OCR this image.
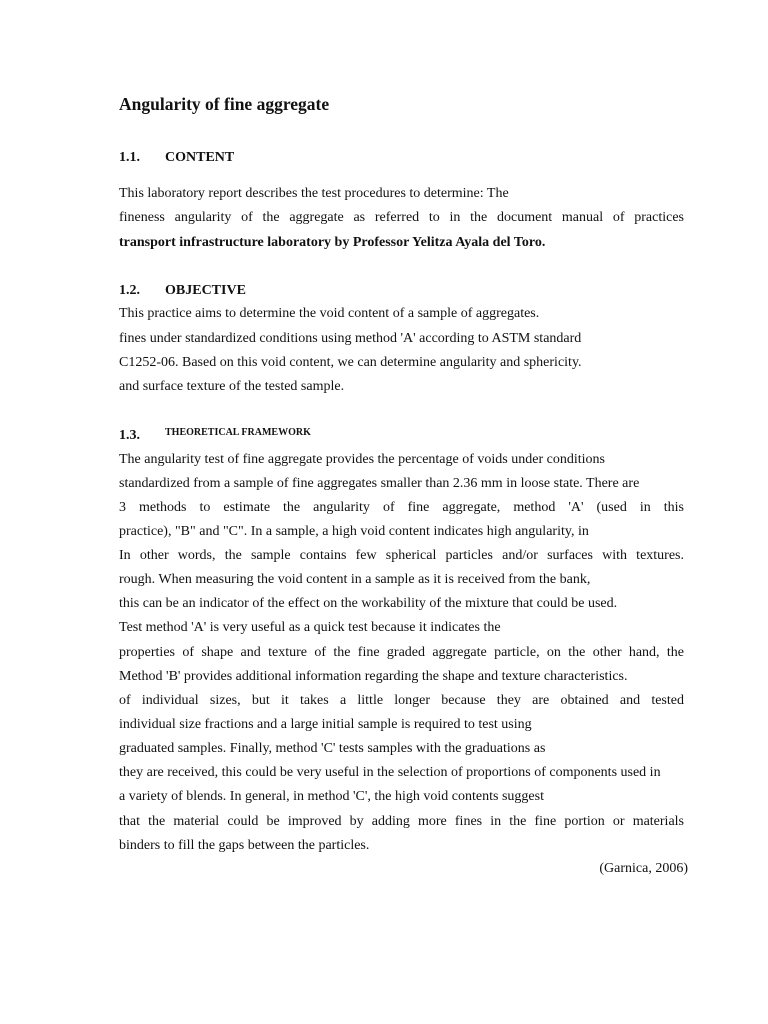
Angularity of fine aggregate
1.1. CONTENT
This laboratory report describes the test procedures to determine: The
fineness angularity of the aggregate as referred to in the document manual of practices
transport infrastructure laboratory by Professor Yelitza Ayala del Toro.
1.2. OBJECTIVE
This practice aims to determine the void content of a sample of aggregates.
fines under standardized conditions using method 'A' according to ASTM standard
C1252-06. Based on this void content, we can determine angularity and sphericity.
and surface texture of the tested sample.
1.3.	THEORETICAL FRAMEWORK
The angularity test of fine aggregate provides the percentage of voids under conditions
standardized from a sample of fine aggregates smaller than 2.36 mm in loose state. There are
3 methods to estimate the angularity of fine aggregate, method 'A' (used in this
practice), "B" and "C". In a sample, a high void content indicates high angularity, in
In other words, the sample contains few spherical particles and/or surfaces with textures.
rough. When measuring the void content in a sample as it is received from the bank,
this can be an indicator of the effect on the workability of the mixture that could be used.
Test method 'A' is very useful as a quick test because it indicates the
properties of shape and texture of the fine graded aggregate particle, on the other hand, the
Method 'B' provides additional information regarding the shape and texture characteristics.
of individual sizes, but it takes a little longer because they are obtained and tested
individual size fractions and a large initial sample is required to test using
graduated samples. Finally, method 'C' tests samples with the graduations as
they are received, this could be very useful in the selection of proportions of components used in
a variety of blends. In general, in method 'C', the high void contents suggest
that the material could be improved by adding more fines in the fine portion or materials
binders to fill the gaps between the particles.
(Garnica, 2006)
